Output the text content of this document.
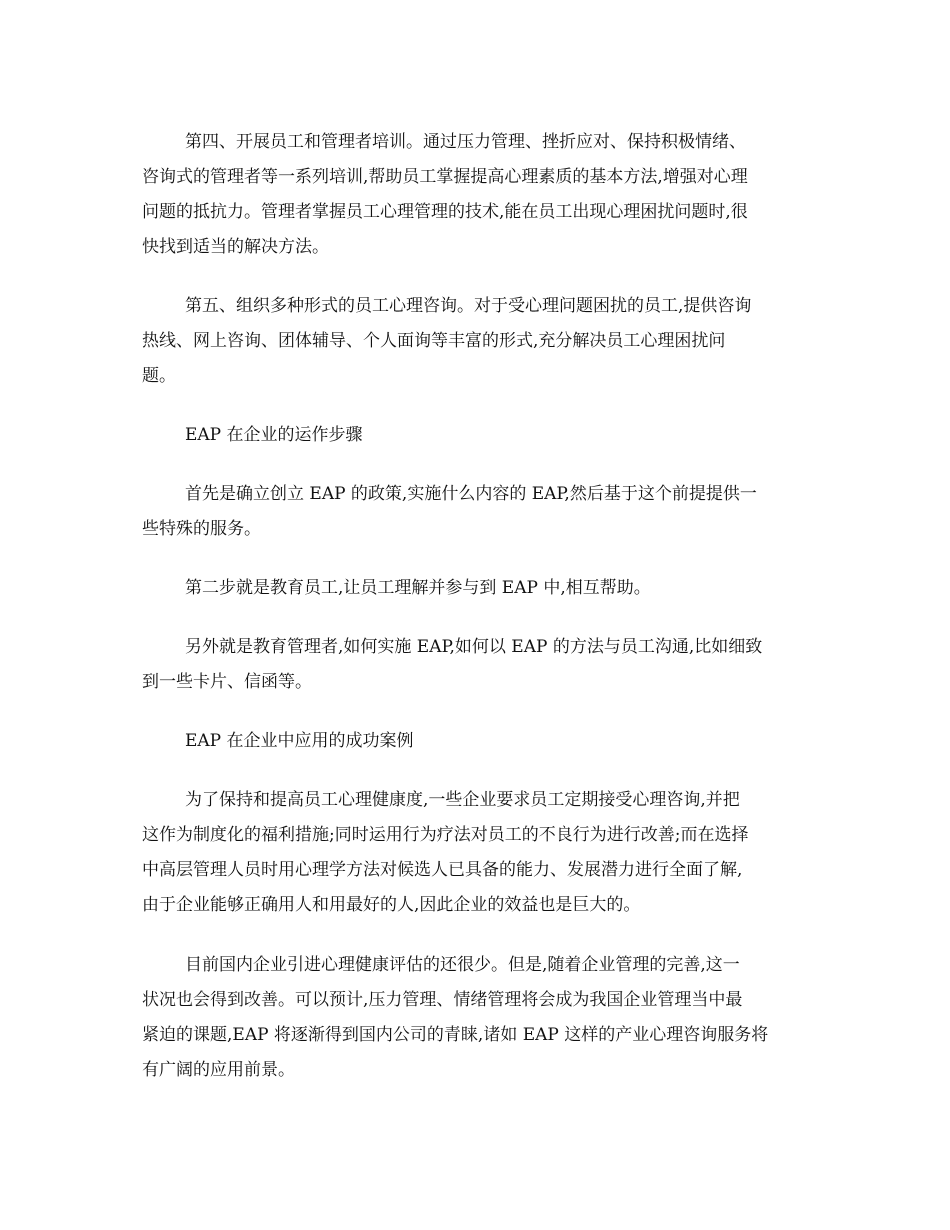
第四、开展员工和管理者培训。通过压力管理、挫折应对、保持积极情绪、
咨询式的管理者等一系列培训,帮助员工掌握提高心理素质的基本方法,增强对心理
问题的抵抗力。管理者掌握员工心理管理的技术,能在员工出现心理困扰问题时,很
快找到适当的解决方法。
第五、组织多种形式的员工心理咨询。对于受心理问题困扰的员工,提供咨询
热线、网上咨询、团体辅导、个人面询等丰富的形式,充分解决员工心理困扰问
题。
EAP 在企业的运作步骤
首先是确立创立 EAP 的政策,实施什么内容的 EAP,然后基于这个前提提供一
些特殊的服务。
第二步就是教育员工,让员工理解并参与到 EAP 中,相互帮助。
另外就是教育管理者,如何实施 EAP,如何以 EAP 的方法与员工沟通,比如细致
到一些卡片、信函等。
EAP 在企业中应用的成功案例
为了保持和提高员工心理健康度,一些企业要求员工定期接受心理咨询,并把
这作为制度化的福利措施;同时运用行为疗法对员工的不良行为进行改善;而在选择
中高层管理人员时用心理学方法对候选人已具备的能力、发展潜力进行全面了解,
由于企业能够正确用人和用最好的人,因此企业的效益也是巨大的。
目前国内企业引进心理健康评估的还很少。但是,随着企业管理的完善,这一
状况也会得到改善。可以预计,压力管理、情绪管理将会成为我国企业管理当中最
紧迫的课题,EAP 将逐渐得到国内公司的青睐,诸如 EAP 这样的产业心理咨询服务将
有广阔的应用前景。
